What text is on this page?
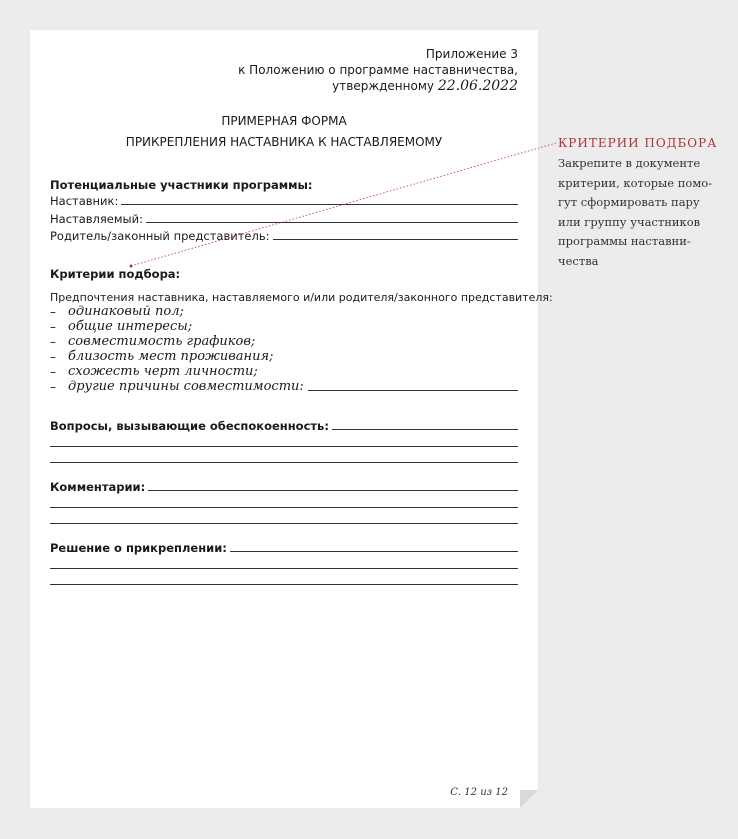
Приложение 3
к Положению о программе наставничества,
утвержденному 22.06.2022
ПРИМЕРНАЯ ФОРМА
ПРИКРЕПЛЕНИЯ НАСТАВНИКА К НАСТАВЛЯЕМОМУ
Потенциальные участники программы:
Наставник:
Наставляемый:
Родитель/законный представитель:
Критерии подбора:
Предпочтения наставника, наставляемого и/или родителя/законного представителя:
– одинаковый пол;
– общие интересы;
– совместимость графиков;
– близость мест проживания;
– схожесть черт личности;
– другие причины совместимости:
Вопросы, вызывающие обеспокоенность:
Комментарии:
Решение о прикреплении:
С. 12 из 12
КРИТЕРИИ ПОДБОРА
Закрепите в документе
критерии, которые помо-
гут сформировать пару
или группу участников
программы наставни-
чества
